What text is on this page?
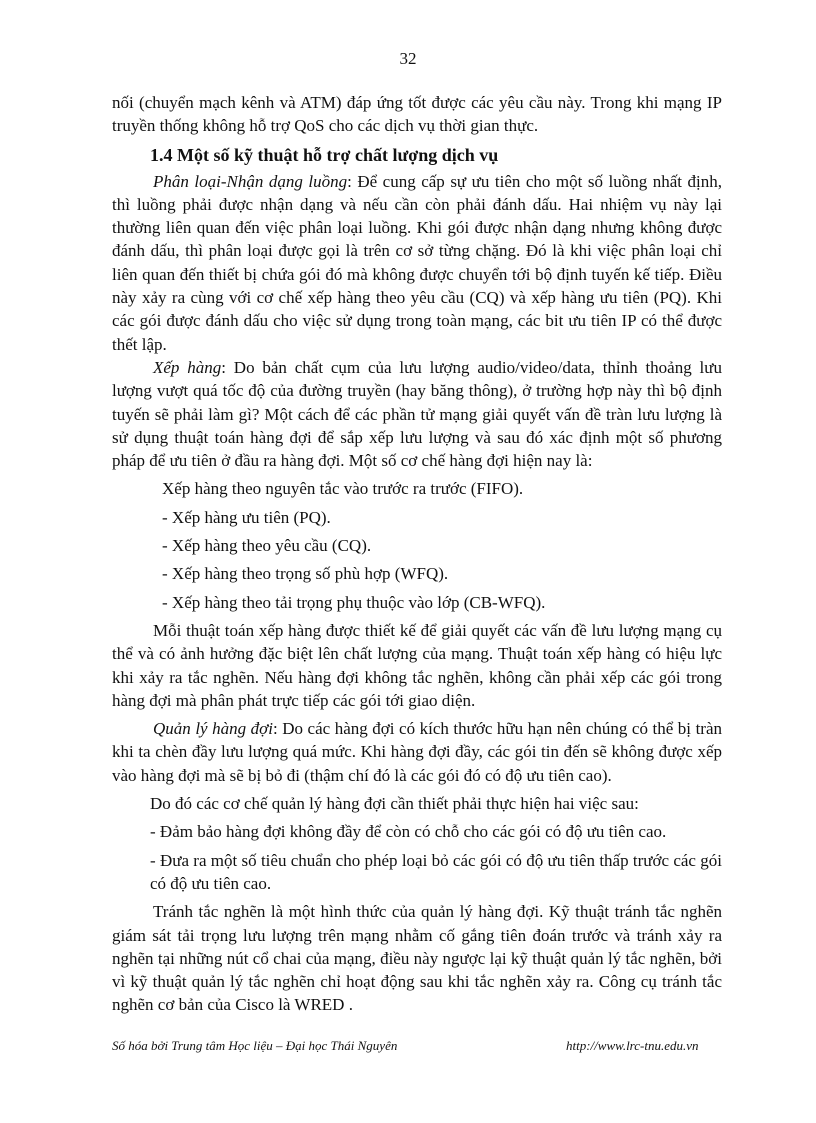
32

nối (chuyển mạch kênh và ATM) đáp ứng tốt được các yêu cầu này. Trong khi mạng IP truyền thống không hỗ trợ QoS cho các dịch vụ thời gian thực.

1.4 Một số kỹ thuật hỗ trợ chất lượng dịch vụ

Phân loại-Nhận dạng luồng: Để cung cấp sự ưu tiên cho một số luồng nhất định, thì luồng phải được nhận dạng và nếu cần còn phải đánh dấu. Hai nhiệm vụ này lại thường liên quan đến việc phân loại luồng. Khi gói được nhận dạng nhưng không được đánh dấu, thì phân loại được gọi là trên cơ sở từng chặng. Đó là khi việc phân loại chỉ liên quan đến thiết bị chứa gói đó mà không được chuyển tới bộ định tuyến kế tiếp. Điều này xảy ra cùng với cơ chế xếp hàng theo yêu cầu (CQ) và xếp hàng ưu tiên (PQ). Khi các gói được đánh dấu cho việc sử dụng trong toàn mạng, các bit ưu tiên IP có thể được thết lập.

Xếp hàng: Do bản chất cụm của lưu lượng audio/video/data, thỉnh thoảng lưu lượng vượt quá tốc độ của đường truyền (hay băng thông), ở trường hợp này thì bộ định tuyến sẽ phải làm gì? Một cách để các phần tử mạng giải quyết vấn đề tràn lưu lượng là sử dụng thuật toán hàng đợi để sắp xếp lưu lượng và sau đó xác định một số phương pháp để ưu tiên ở đầu ra hàng đợi. Một số cơ chế hàng đợi hiện nay là:

Xếp hàng theo nguyên tắc vào trước ra trước (FIFO).
- Xếp hàng ưu tiên (PQ).
- Xếp hàng theo yêu cầu (CQ).
- Xếp hàng theo trọng số phù hợp (WFQ).
- Xếp hàng theo tải trọng phụ thuộc vào lớp (CB-WFQ).

Mỗi thuật toán xếp hàng được thiết kế để giải quyết các vấn đề lưu lượng mạng cụ thể và có ảnh hưởng đặc biệt lên chất lượng của mạng. Thuật toán xếp hàng có hiệu lực khi xảy ra tắc nghẽn. Nếu hàng đợi không tắc nghẽn, không cần phải xếp các gói trong hàng đợi mà phân phát trực tiếp các gói tới giao diện.

Quản lý hàng đợi: Do các hàng đợi có kích thước hữu hạn nên chúng có thể bị tràn khi ta chèn đầy lưu lượng quá mức. Khi hàng đợi đầy, các gói tin đến sẽ không được xếp vào hàng đợi mà sẽ bị bỏ đi (thậm chí đó là các gói đó có độ ưu tiên cao).

Do đó các cơ chế quản lý hàng đợi cần thiết phải thực hiện hai việc sau:

- Đảm bảo hàng đợi không đầy để còn có chỗ cho các gói có độ ưu tiên cao.
- Đưa ra một số tiêu chuẩn cho phép loại bỏ các gói có độ ưu tiên thấp trước các gói có độ ưu tiên cao.

Tránh tắc nghẽn là một hình thức của quản lý hàng đợi. Kỹ thuật tránh tắc nghẽn giám sát tải trọng lưu lượng trên mạng nhằm cố gắng tiên đoán trước và tránh xảy ra nghẽn tại những nút cổ chai của mạng, điều này ngược lại kỹ thuật quản lý tắc nghẽn, bởi vì kỹ thuật quản lý tắc nghẽn chỉ hoạt động sau khi tắc nghẽn xảy ra. Công cụ tránh tắc nghẽn cơ bản của Cisco là WRED .

Số hóa bởi Trung tâm Học liệu – Đại học Thái Nguyên	http://www.lrc-tnu.edu.vn
